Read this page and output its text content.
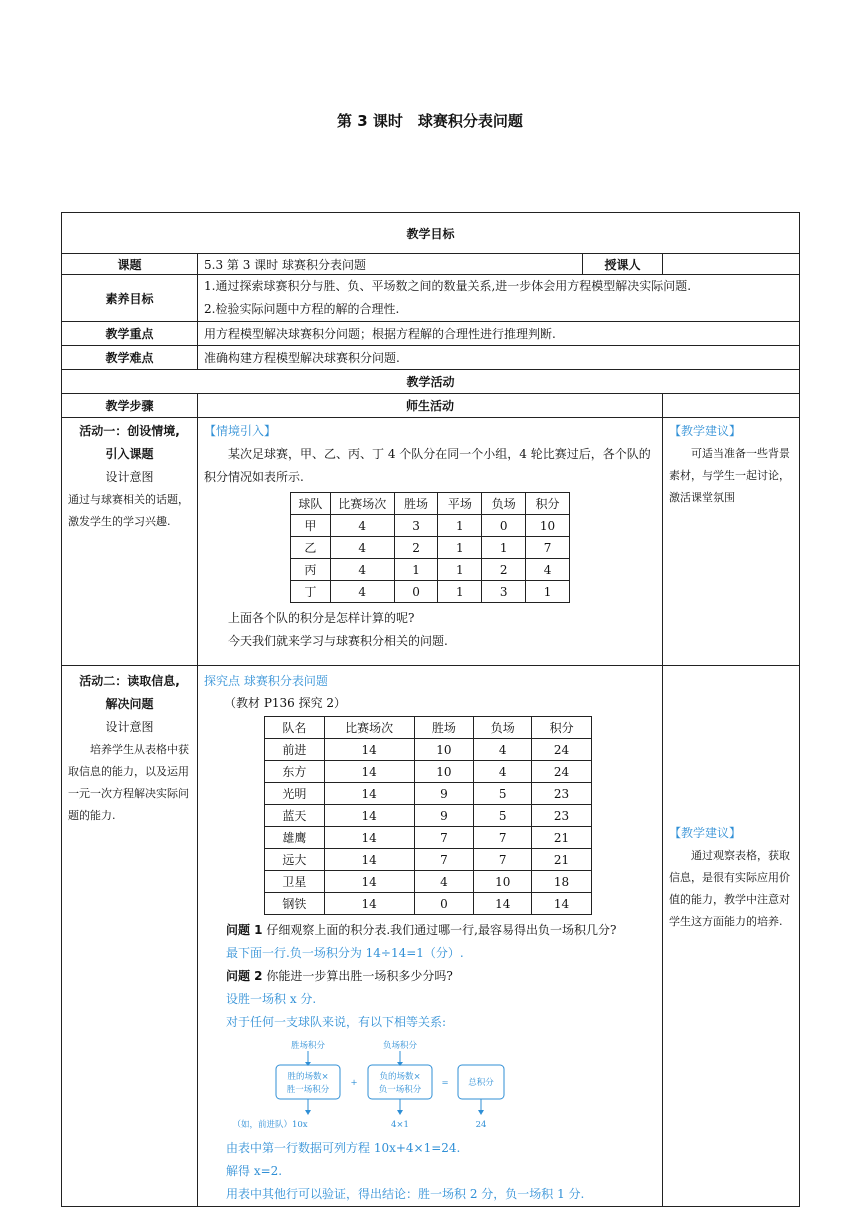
第 3 课时　球赛积分表问题
教学目标
课题	5.3 第 3 课时 球赛积分表问题	授课人	
素养目标	

1.通过探索球赛积分与胜、负、平场数之间的数量关系,进一步体会用方程模型解决实际问题.

2.检验实际问题中方程的解的合理性.

教学重点	用方程模型解决球赛积分问题；根据方程解的合理性进行推理判断.
教学难点	准确构建方程模型解决球赛积分问题.
教学活动
教学步骤	师生活动	

活动一：创设情境,

引入课题

设计意图

通过与球赛相关的话题，激发学生的学习兴趣.

【情境引入】

某次足球赛，甲、乙、丙、丁 4 个队分在同一个小组，4 轮比赛过后，各个队的积分情况如表所示.

球队	比赛场次	胜场	平场	负场	积分
甲	4	3	1	0	10
乙	4	2	1	1	7
丙	4	1	1	2	4
丁	4	0	1	3	1

上面各个队的积分是怎样计算的呢?

今天我们就来学习与球赛积分相关的问题.

【教学建议】

可适当准备一些背景素材，与学生一起讨论，激活课堂氛围

活动二：读取信息,

解决问题

设计意图

培养学生从表格中获取信息的能力，以及运用一元一次方程解决实际问题的能力.

探究点 球赛积分表问题

（教材 P136 探究 2）

队名	比赛场次	胜场	负场	积分
前进	14	10	4	24
东方	14	10	4	24
光明	14	9	5	23
蓝天	14	9	5	23
雄鹰	14	7	7	21
远大	14	7	7	21
卫星	14	4	10	18
钢铁	14	0	14	14

问题 1 仔细观察上面的积分表.我们通过哪一行,最容易得出负一场积几分?

最下面一行.负一场积分为 14÷14=1（分）.

问题 2 你能进一步算出胜一场积多少分吗?

设胜一场积 x 分.

对于任何一支球队来说，有以下相等关系:

胜场积分	负场积分
胜的场数×
胜一场积分
+
负的场数×
负一场积分
= 总积分
（如，前进队）10x	4×1	24

由表中第一行数据可列方程 10x+4×1=24.

解得 x=2.

用表中其他行可以验证，得出结论：胜一场积 2 分，负一场积 1 分.

【教学建议】

通过观察表格，获取信息，是很有实际应用价值的能力，教学中注意对学生这方面能力的培养.
